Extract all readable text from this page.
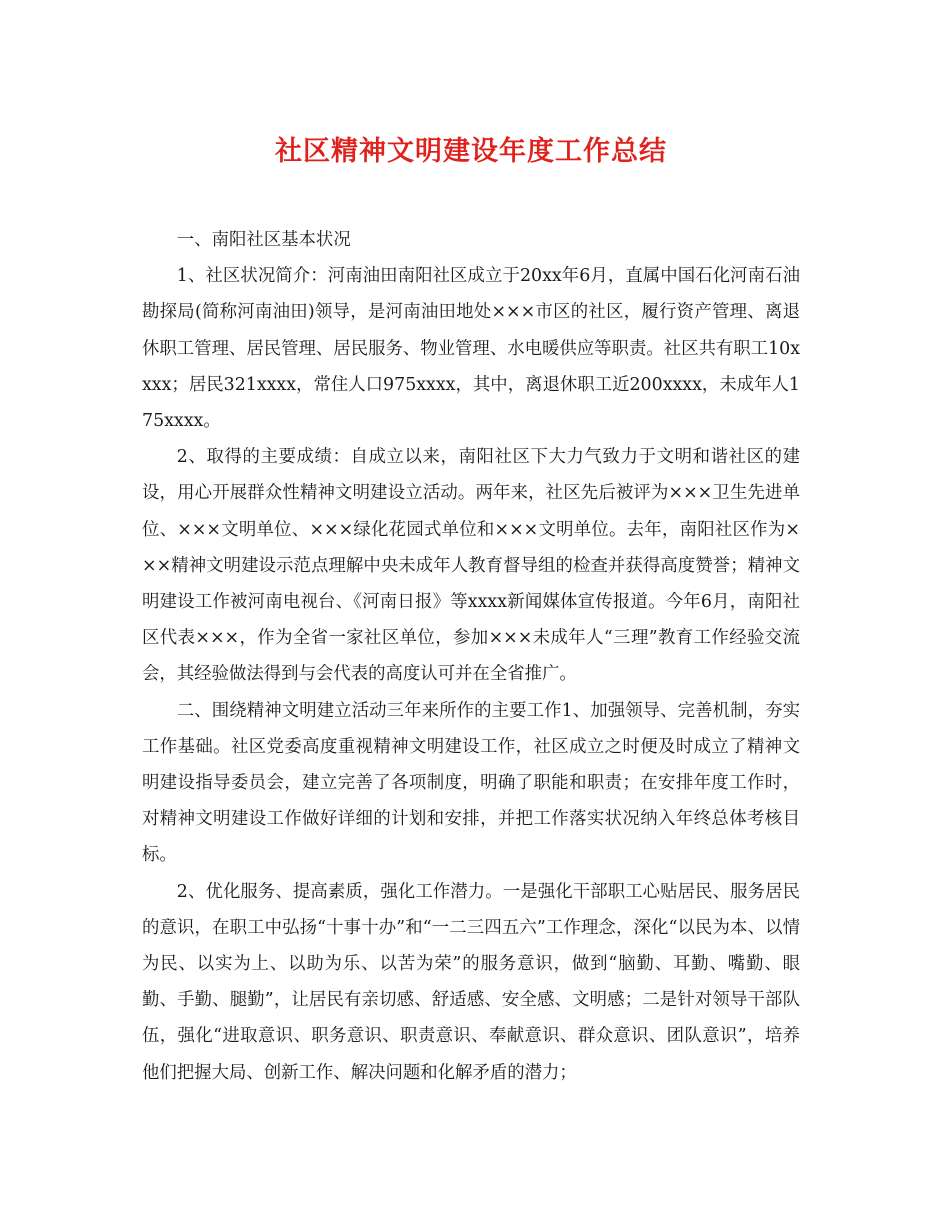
社区精神文明建设年度工作总结

一、南阳社区基本状况

1、社区状况简介：河南油田南阳社区成立于20xx年6月，直属中国石化河南石油勘探局(简称河南油田)领导，是河南油田地处×××市区的社区，履行资产管理、离退休职工管理、居民管理、居民服务、物业管理、水电暖供应等职责。社区共有职工10xxxx；居民321xxxx，常住人口975xxxx，其中，离退休职工近200xxxx，未成年人175xxxx。

2、取得的主要成绩：自成立以来，南阳社区下大力气致力于文明和谐社区的建设，用心开展群众性精神文明建设立活动。两年来，社区先后被评为×××卫生先进单位、×××文明单位、×××绿化花园式单位和×××文明单位。去年，南阳社区作为×××精神文明建设示范点理解中央未成年人教育督导组的检查并获得高度赞誉；精神文明建设工作被河南电视台、《河南日报》等xxxx新闻媒体宣传报道。今年6月，南阳社区代表×××，作为全省一家社区单位，参加×××未成年人“三理”教育工作经验交流会，其经验做法得到与会代表的高度认可并在全省推广。

二、围绕精神文明建立活动三年来所作的主要工作1、加强领导、完善机制，夯实工作基础。社区党委高度重视精神文明建设工作，社区成立之时便及时成立了精神文明建设指导委员会，建立完善了各项制度，明确了职能和职责；在安排年度工作时，对精神文明建设工作做好详细的计划和安排，并把工作落实状况纳入年终总体考核目标。

2、优化服务、提高素质，强化工作潜力。一是强化干部职工心贴居民、服务居民的意识，在职工中弘扬“十事十办”和“一二三四五六”工作理念，深化“以民为本、以情为民、以实为上、以助为乐、以苦为荣”的服务意识，做到“脑勤、耳勤、嘴勤、眼勤、手勤、腿勤”，让居民有亲切感、舒适感、安全感、文明感；二是针对领导干部队伍，强化“进取意识、职务意识、职责意识、奉献意识、群众意识、团队意识”，培养他们把握大局、创新工作、解决问题和化解矛盾的潜力；
